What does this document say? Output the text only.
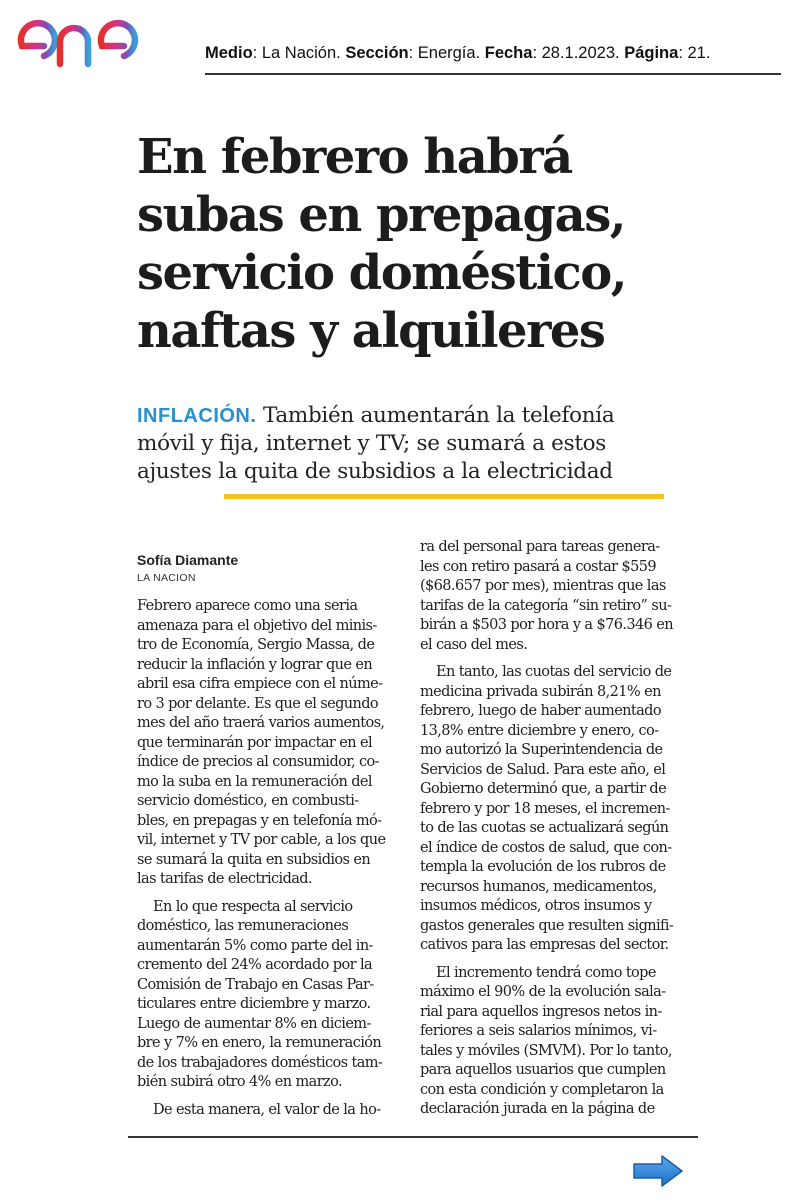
Medio: La Nación. Sección: Energía. Fecha: 28.1.2023. Página: 21.
En febrero habrá
subas en prepagas,
servicio doméstico,
naftas y alquileres
INFLACIÓN. También aumentarán la telefonía
móvil y fija, internet y TV; se sumará a estos
ajustes la quita de subsidios a la electricidad
Sofía Diamante
LA NACION
Febrero aparece como una seria
amenaza para el objetivo del minis-
tro de Economía, Sergio Massa, de
reducir la inflación y lograr que en
abril esa cifra empiece con el núme-
ro 3 por delante. Es que el segundo
mes del año traerá varios aumentos,
que terminarán por impactar en el
índice de precios al consumidor, co-
mo la suba en la remuneración del
servicio doméstico, en combusti-
bles, en prepagas y en telefonía mó-
vil, internet y TV por cable, a los que
se sumará la quita en subsidios en
las tarifas de electricidad.
En lo que respecta al servicio
doméstico, las remuneraciones
aumentarán 5% como parte del in-
cremento del 24% acordado por la
Comisión de Trabajo en Casas Par-
ticulares entre diciembre y marzo.
Luego de aumentar 8% en diciem-
bre y 7% en enero, la remuneración
de los trabajadores domésticos tam-
bién subirá otro 4% en marzo.
De esta manera, el valor de la ho-
ra del personal para tareas genera-
les con retiro pasará a costar $559
($68.657 por mes), mientras que las
tarifas de la categoría “sin retiro” su-
birán a $503 por hora y a $76.346 en
el caso del mes.
En tanto, las cuotas del servicio de
medicina privada subirán 8,21% en
febrero, luego de haber aumentado
13,8% entre diciembre y enero, co-
mo autorizó la Superintendencia de
Servicios de Salud. Para este año, el
Gobierno determinó que, a partir de
febrero y por 18 meses, el incremen-
to de las cuotas se actualizará según
el índice de costos de salud, que con-
templa la evolución de los rubros de
recursos humanos, medicamentos,
insumos médicos, otros insumos y
gastos generales que resulten signifi-
cativos para las empresas del sector.
El incremento tendrá como tope
máximo el 90% de la evolución sala-
rial para aquellos ingresos netos in-
feriores a seis salarios mínimos, vi-
tales y móviles (SMVM). Por lo tanto,
para aquellos usuarios que cumplen
con esta condición y completaron la
declaración jurada en la página de
